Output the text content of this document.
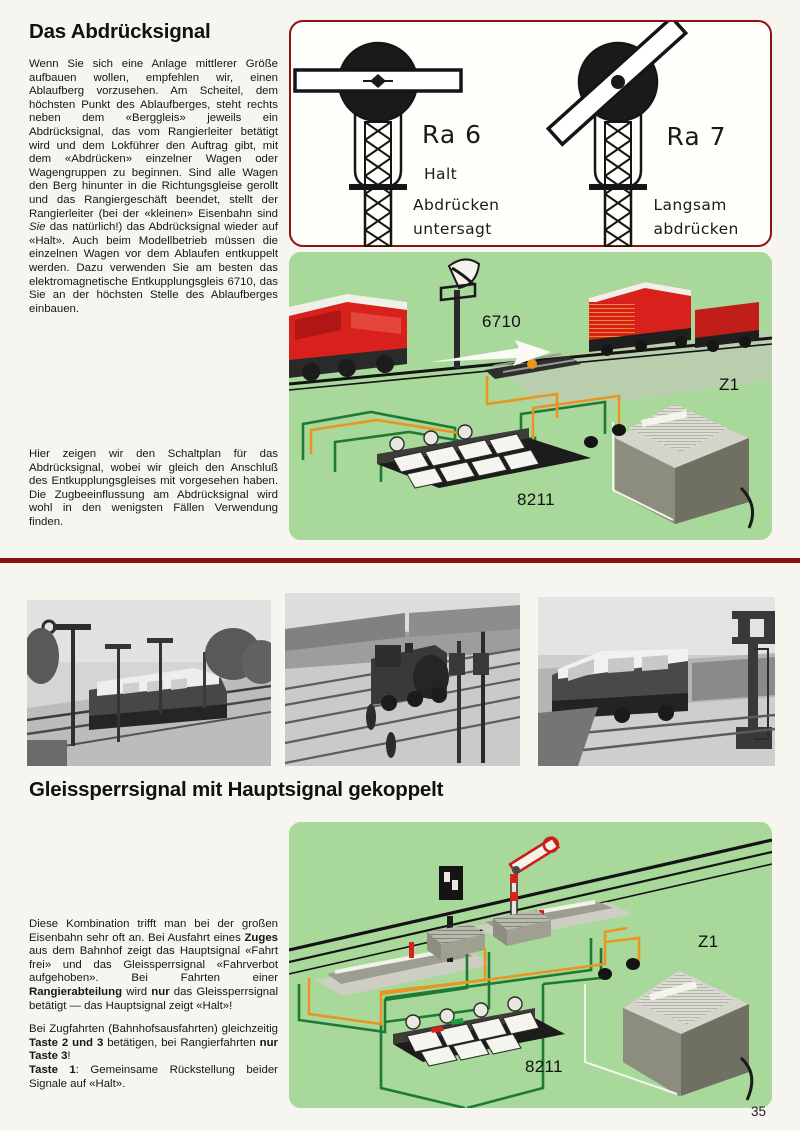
Das Abdrücksignal

Wenn Sie sich eine Anlage mittlerer Größe aufbauen wollen, empfehlen wir, einen Ablaufberg vorzusehen. Am Scheitel, dem höchsten Punkt des Ablaufberges, steht rechts neben dem «Berggleis» jeweils ein Abdrücksignal, das vom Rangierleiter betätigt wird und dem Lokführer den Auftrag gibt, mit dem «Abdrücken» einzelner Wagen oder Wagengruppen zu beginnen. Sind alle Wagen den Berg hinunter in die Richtungsgleise gerollt und das Rangiergeschäft beendet, stellt der Rangierleiter (bei der «kleinen» Eisenbahn sind Sie das natürlich!) das Abdrücksignal wieder auf «Halt». Auch beim Modellbetrieb müssen die einzelnen Wagen vor dem Ablaufen entkuppelt werden. Dazu verwenden Sie am besten das elektromagnetische Entkupplungsgleis 6710, das Sie an der höchsten Stelle des Ablaufberges einbauen.

Hier zeigen wir den Schaltplan für das Abdrücksignal, wobei wir gleich den Anschluß des Entkupplungsgleises mit vorgesehen haben. Die Zugbeeinflussung am Abdrücksignal wird wohl in den wenigsten Fällen Verwendung finden.

Ra 6
Halt
Abdrücken
untersagt
Ra 7
Langsam
abdrücken
6710
Z1
8211
Gleissperrsignal mit Hauptsignal gekoppelt

Diese Kombination trifft man bei der großen Eisenbahn sehr oft an. Bei Ausfahrt eines Zuges aus dem Bahnhof zeigt das Hauptsignal «Fahrt frei» und das Gleissperrsignal «Fahrverbot aufgehoben». Bei Fahrten einer Rangierabteilung wird nur das Gleissperrsignal betätigt — das Hauptsignal zeigt «Halt»!

Bei Zugfahrten (Bahnhofsausfahrten) gleichzeitig Taste 2 und 3 betätigen, bei Rangierfahrten nur Taste 3!

Taste 1: Gemeinsame Rückstellung beider Signale auf «Halt».

Z1
8211
35
